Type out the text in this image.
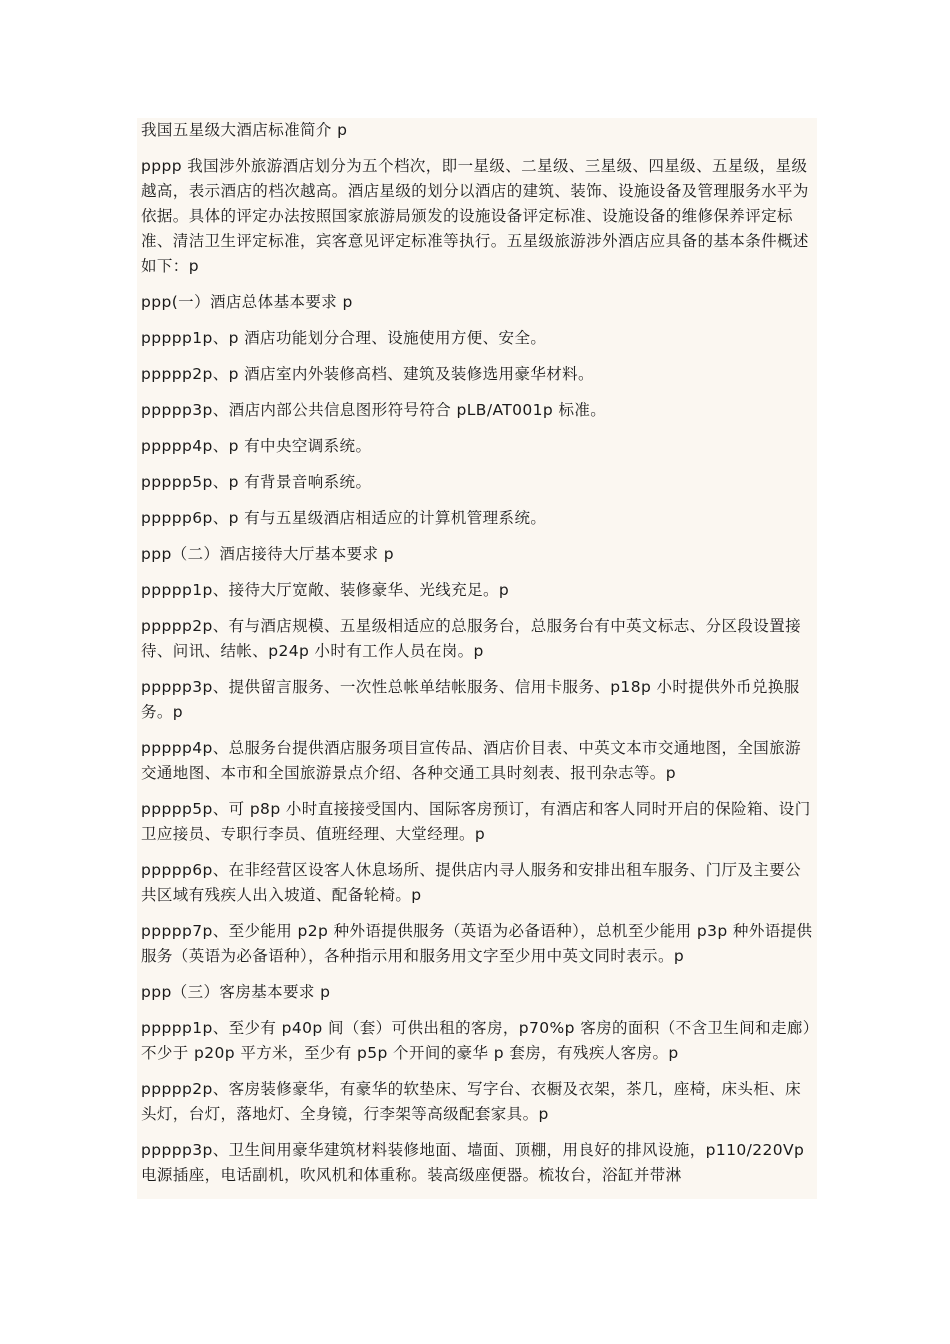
我国五星级大酒店标准简介 p

pppp 我国涉外旅游酒店划分为五个档次，即一星级、二星级、三星级、四星级、五星级，星级越高，表示酒店的档次越高。酒店星级的划分以酒店的建筑、装饰、设施设备及管理服务水平为依据。具体的评定办法按照国家旅游局颁发的设施设备评定标准、设施设备的维修保养评定标准、清洁卫生评定标准，宾客意见评定标准等执行。五星级旅游涉外酒店应具备的基本条件概述如下：p

ppp(一）酒店总体基本要求 p

ppppp1p、p 酒店功能划分合理、设施使用方便、安全。

ppppp2p、p 酒店室内外装修高档、建筑及装修选用豪华材料。

ppppp3p、酒店内部公共信息图形符号符合 pLB/AT001p 标准。

ppppp4p、p 有中央空调系统。

ppppp5p、p 有背景音响系统。

ppppp6p、p 有与五星级酒店相适应的计算机管理系统。

ppp（二）酒店接待大厅基本要求 p

ppppp1p、接待大厅宽敞、装修豪华、光线充足。p

ppppp2p、有与酒店规模、五星级相适应的总服务台，总服务台有中英文标志、分区段设置接待、问讯、结帐、p24p 小时有工作人员在岗。p

ppppp3p、提供留言服务、一次性总帐单结帐服务、信用卡服务、p18p 小时提供外币兑换服务。p

ppppp4p、总服务台提供酒店服务项目宣传品、酒店价目表、中英文本市交通地图，全国旅游交通地图、本市和全国旅游景点介绍、各种交通工具时刻表、报刊杂志等。p

ppppp5p、可 p8p 小时直接接受国内、国际客房预订，有酒店和客人同时开启的保险箱、设门卫应接员、专职行李员、值班经理、大堂经理。p

ppppp6p、在非经营区设客人休息场所、提供店内寻人服务和安排出租车服务、门厅及主要公共区域有残疾人出入坡道、配备轮椅。p

ppppp7p、至少能用 p2p 种外语提供服务（英语为必备语种），总机至少能用 p3p 种外语提供服务（英语为必备语种），各种指示用和服务用文字至少用中英文同时表示。p

ppp（三）客房基本要求 p

ppppp1p、至少有 p40p 间（套）可供出租的客房，p70%p 客房的面积（不含卫生间和走廊）不少于 p20p 平方米，至少有 p5p 个开间的豪华 p 套房，有残疾人客房。p

ppppp2p、客房装修豪华，有豪华的软垫床、写字台、衣橱及衣架，茶几，座椅，床头柜、床头灯，台灯，落地灯、全身镜，行李架等高级配套家具。p

ppppp3p、卫生间用豪华建筑材料装修地面、墙面、顶棚，用良好的排风设施，p110/220Vp 电源插座，电话副机，吹风机和体重称。装高级座便器。梳妆台，浴缸并带淋
